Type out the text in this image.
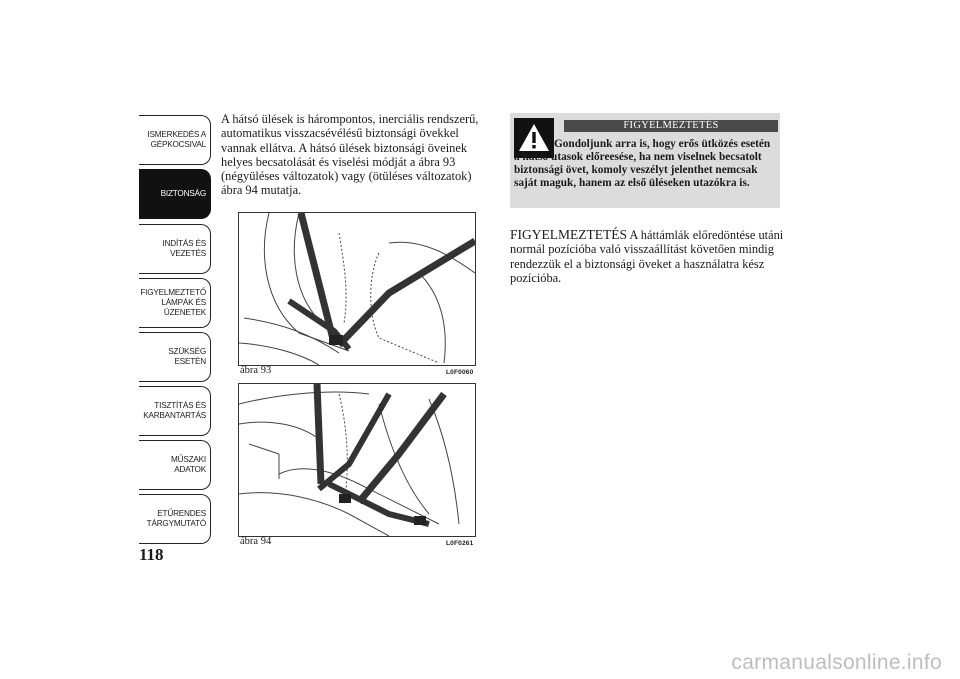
ISMERKEDÉS A
GÉPKOCSIVAL
BIZTONSÁG
INDÍTÁS ÉS
VEZETÉS
FIGYELMEZTETŐ
LÁMPÁK ÉS
ÜZENETEK
SZÜKSÉG ESETÉN
TISZTÍTÁS ÉS
KARBANTARTÁS
MŰSZAKI ADATOK
ETŰRENDES
TÁRGYMUTATÓ
118
A hátsó ülések is hárompontos, inerciális rendszerű, automatikus visszacsévélésű biztonsági övekkel vannak ellátva. A hátsó ülések biztonsági öveinek helyes becsatolását és viselési módját a ábra 93 (négyüléses változatok) vagy (ötüléses változatok) ábra 94 mutatja.
ábra 93	L0F0060
ábra 94	L0F0261
FIGYELMEZTETÉS
Gondoljunk arra is, hogy erős ütközés esetén a hátsó utasok előreesése, ha nem viselnek becsatolt biztonsági övet, komoly veszélyt jelenthet nemcsak saját maguk, hanem az első üléseken utazókra is.
FIGYELMEZTETÉS A háttámlák előredöntése utáni normál pozícióba való visszaállítást követően mindig rendezzük el a biztonsági öveket a használatra kész pozícióba.
carmanualsonline.info
